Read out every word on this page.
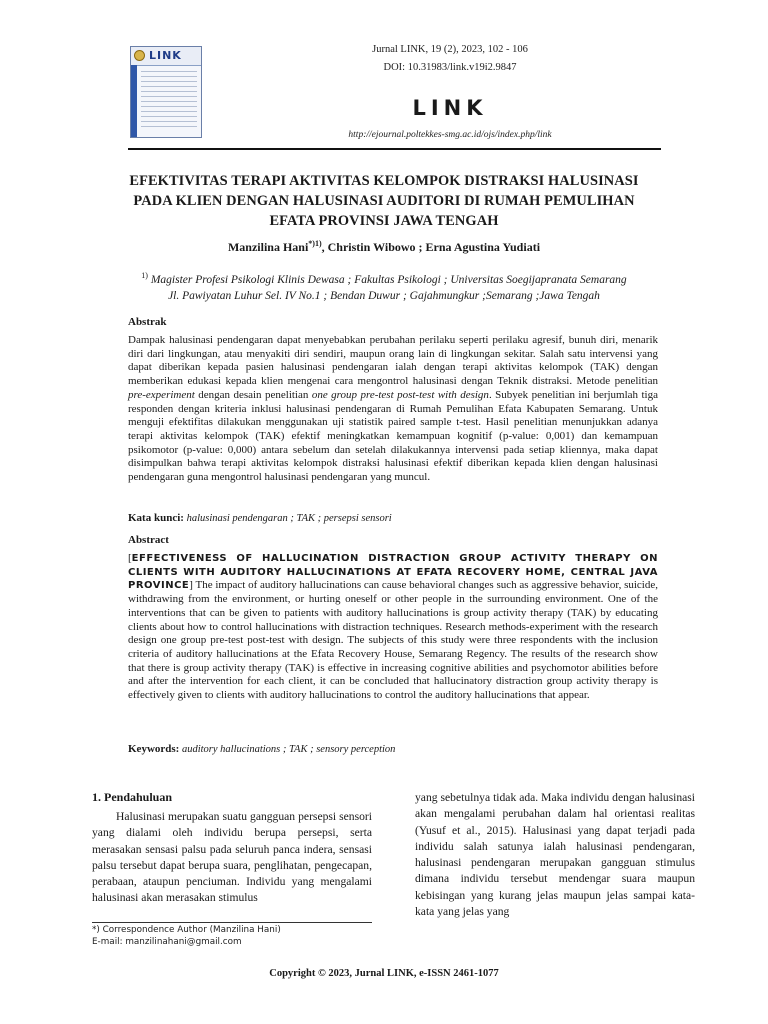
LINK	Jurnal LINK, 19 (2), 2023, 102 - 106
DOI: 10.31983/link.v19i2.9847
LINK
http://ejournal.poltekkes-smg.ac.id/ojs/index.php/link
EFEKTIVITAS TERAPI AKTIVITAS KELOMPOK DISTRAKSI HALUSINASI PADA KLIEN DENGAN HALUSINASI AUDITORI DI RUMAH PEMULIHAN EFATA PROVINSI JAWA TENGAH
Manzilina Hani$^{*)1)}$, Christin Wibowo ; Erna Agustina Yudiati
$^{1)}$ Magister Profesi Psikologi Klinis Dewasa ; Fakultas Psikologi ; Universitas Soegijapranata Semarang
Jl. Pawiyatan Luhur Sel. IV No.1 ; Bendan Duwur ; Gajahmungkur ;Semarang ;Jawa Tengah
Abstrak
Dampak halusinasi pendengaran dapat menyebabkan perubahan perilaku seperti perilaku agresif, bunuh diri, menarik diri dari lingkungan, atau menyakiti diri sendiri, maupun orang lain di lingkungan sekitar. Salah satu intervensi yang dapat diberikan kepada pasien halusinasi pendengaran ialah dengan terapi aktivitas kelompok (TAK) dengan memberikan edukasi kepada klien mengenai cara mengontrol halusinasi dengan Teknik distraksi. Metode penelitian pre-experiment dengan desain penelitian one group pre-test post-test with design. Subyek penelitian ini berjumlah tiga responden dengan kriteria inklusi halusinasi pendengaran di Rumah Pemulihan Efata Kabupaten Semarang. Untuk menguji efektifitas dilakukan menggunakan uji statistik paired sample t-test. Hasil penelitian menunjukkan adanya terapi aktivitas kelompok (TAK) efektif meningkatkan kemampuan kognitif (p-value: 0,001) dan kemampuan psikomotor (p-value: 0,000) antara sebelum dan setelah dilakukannya intervensi pada setiap kliennya, maka dapat disimpulkan bahwa terapi aktivitas kelompok distraksi halusinasi efektif diberikan kepada klien dengan halusinasi pendengaran guna mengontrol halusinasi pendengaran yang muncul.
Kata kunci: halusinasi pendengaran ; TAK ; persepsi sensori
Abstract
[EFFECTIVENESS OF HALLUCINATION DISTRACTION GROUP ACTIVITY THERAPY ON CLIENTS WITH AUDITORY HALLUCINATIONS AT EFATA RECOVERY HOME, CENTRAL JAVA PROVINCE] The impact of auditory hallucinations can cause behavioral changes such as aggressive behavior, suicide, withdrawing from the environment, or hurting oneself or other people in the surrounding environment. One of the interventions that can be given to patients with auditory hallucinations is group activity therapy (TAK) by educating clients about how to control hallucinations with distraction techniques. Research methods-experiment with the research design one group pre-test post-test with design. The subjects of this study were three respondents with the inclusion criteria of auditory hallucinations at the Efata Recovery House, Semarang Regency. The results of the research show that there is group activity therapy (TAK) is effective in increasing cognitive abilities and psychomotor abilities before and after the intervention for each client, it can be concluded that hallucinatory distraction group activity therapy is effectively given to clients with auditory hallucinations to control the auditory hallucinations that appear.
Keywords: auditory hallucinations ; TAK ; sensory perception
1. Pendahuluan

Halusinasi merupakan suatu gangguan persepsi sensori yang dialami oleh individu berupa persepsi, serta merasakan sensasi palsu pada seluruh panca indera, sensasi palsu tersebut dapat berupa suara, penglihatan, pengecapan, perabaan, ataupun penciuman. Individu yang mengalami halusinasi akan merasakan stimulus

yang sebetulnya tidak ada. Maka individu dengan halusinasi akan mengalami perubahan dalam hal orientasi realitas (Yusuf et al., 2015). Halusinasi yang dapat terjadi pada individu salah satunya ialah halusinasi pendengaran, halusinasi pendengaran merupakan gangguan stimulus dimana individu tersebut mendengar suara maupun kebisingan yang kurang jelas maupun jelas sampai kata-kata yang jelas yang

*) Correspondence Author (Manzilina Hani)
E-mail: manzilinahani@gmail.com
Copyright © 2023, Jurnal LINK, e-ISSN 2461-1077
